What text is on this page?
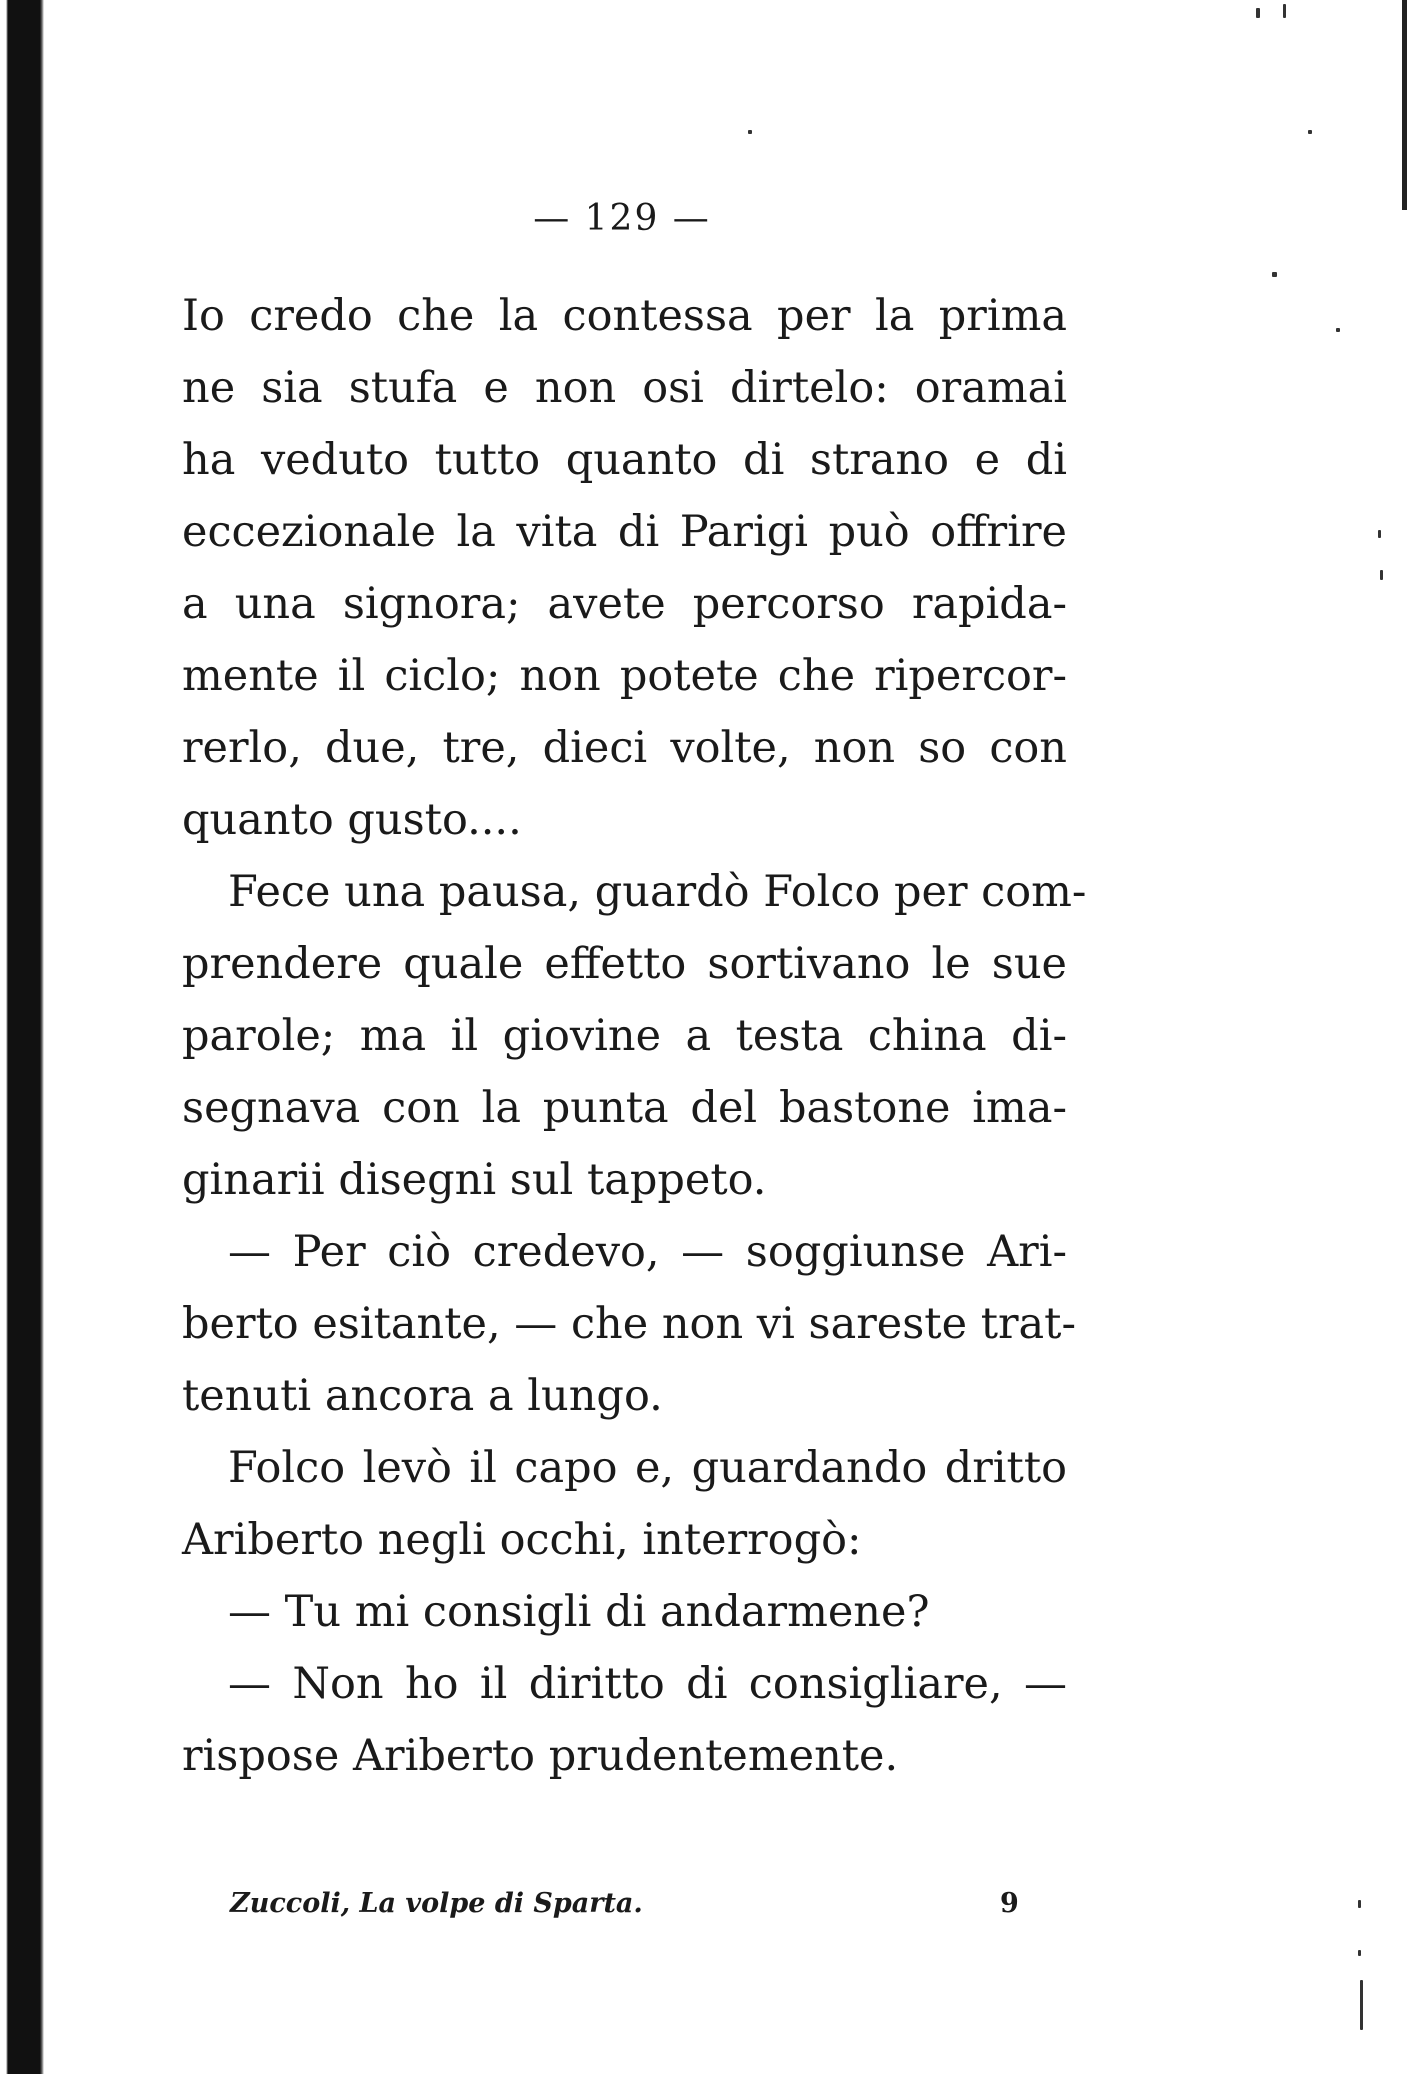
— 129 —
Io credo che la contessa per la prima
ne sia stufa e non osi dirtelo: oramai
ha veduto tutto quanto di strano e di
eccezionale la vita di Parigi può offrire
a una signora; avete percorso rapida-
mente il ciclo; non potete che ripercor-
rerlo, due, tre, dieci volte, non so con
quanto gusto....
Fece una pausa, guardò Folco per com-
prendere quale effetto sortivano le sue
parole; ma il giovine a testa china di-
segnava con la punta del bastone ima-
ginarii disegni sul tappeto.
— Per ciò credevo, — soggiunse Ari-
berto esitante, — che non vi sareste trat-
tenuti ancora a lungo.
Folco levò il capo e, guardando dritto
Ariberto negli occhi, interrogò:
— Tu mi consigli di andarmene?
— Non ho il diritto di consigliare, —
rispose Ariberto prudentemente.
Zuccoli, La volpe di Sparta.	9
